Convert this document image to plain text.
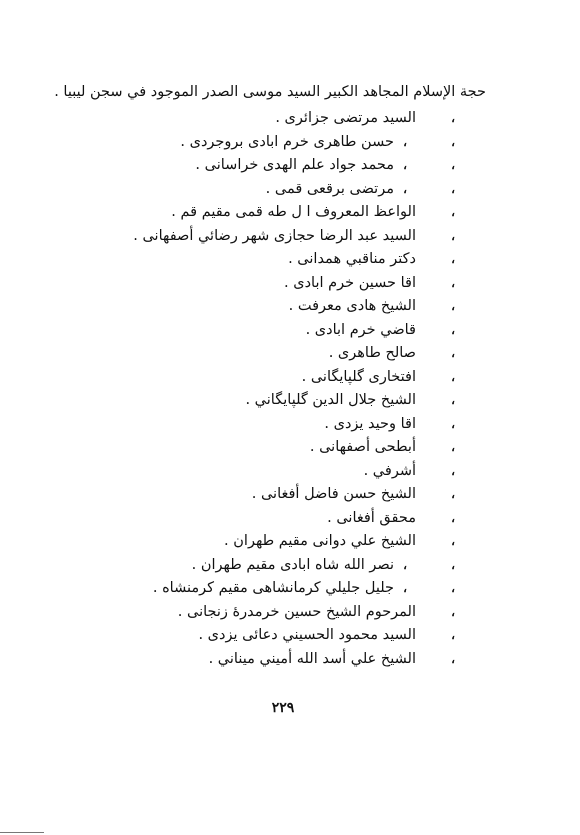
حجة الإسلام المجاهد الكبير السيد موسى الصدر الموجود في سجن ليبيا .
،
السيد مرتضى جزائرى .
،
،
حسن طاهرى خرم ابادى بروجردى .
،
،
محمد جواد علم الهدى خراسانى .
،
،
مرتضى برقعى قمى .
،
الواعظ المعروف ا ل طه قمى مقيم قم .
،
السيد عبد الرضا حجازى شهر رضائي أصفهانى .
،
دكتر مناقبي همدانى .
،
اقا حسين خرم ابادى .
،
الشيخ هادى معرفت .
،
قاضي خرم ابادى .
،
صالح طاهرى .
،
افتخارى گلپايگانى .
،
الشيخ جلال الدين گلپايگاني .
،
اقا وحيد يزدى .
،
أبطحى أصفهانى .
،
أشرفي .
،
الشيخ حسن فاضل أفغانى .
،
محقق أفغانى .
،
الشيخ علي دوانى مقيم طهران .
،
،
نصر الله شاه ابادى مقيم طهران .
،
،
جليل جليلي كرمانشاهى مقيم كرمنشاه .
،
المرحوم الشيخ حسين خرمدرهٔ زنجانى .
،
السيد محمود الحسيني دعائى يزدى .
،
الشيخ علي أسد الله أميني ميناني .
٢٢٩
